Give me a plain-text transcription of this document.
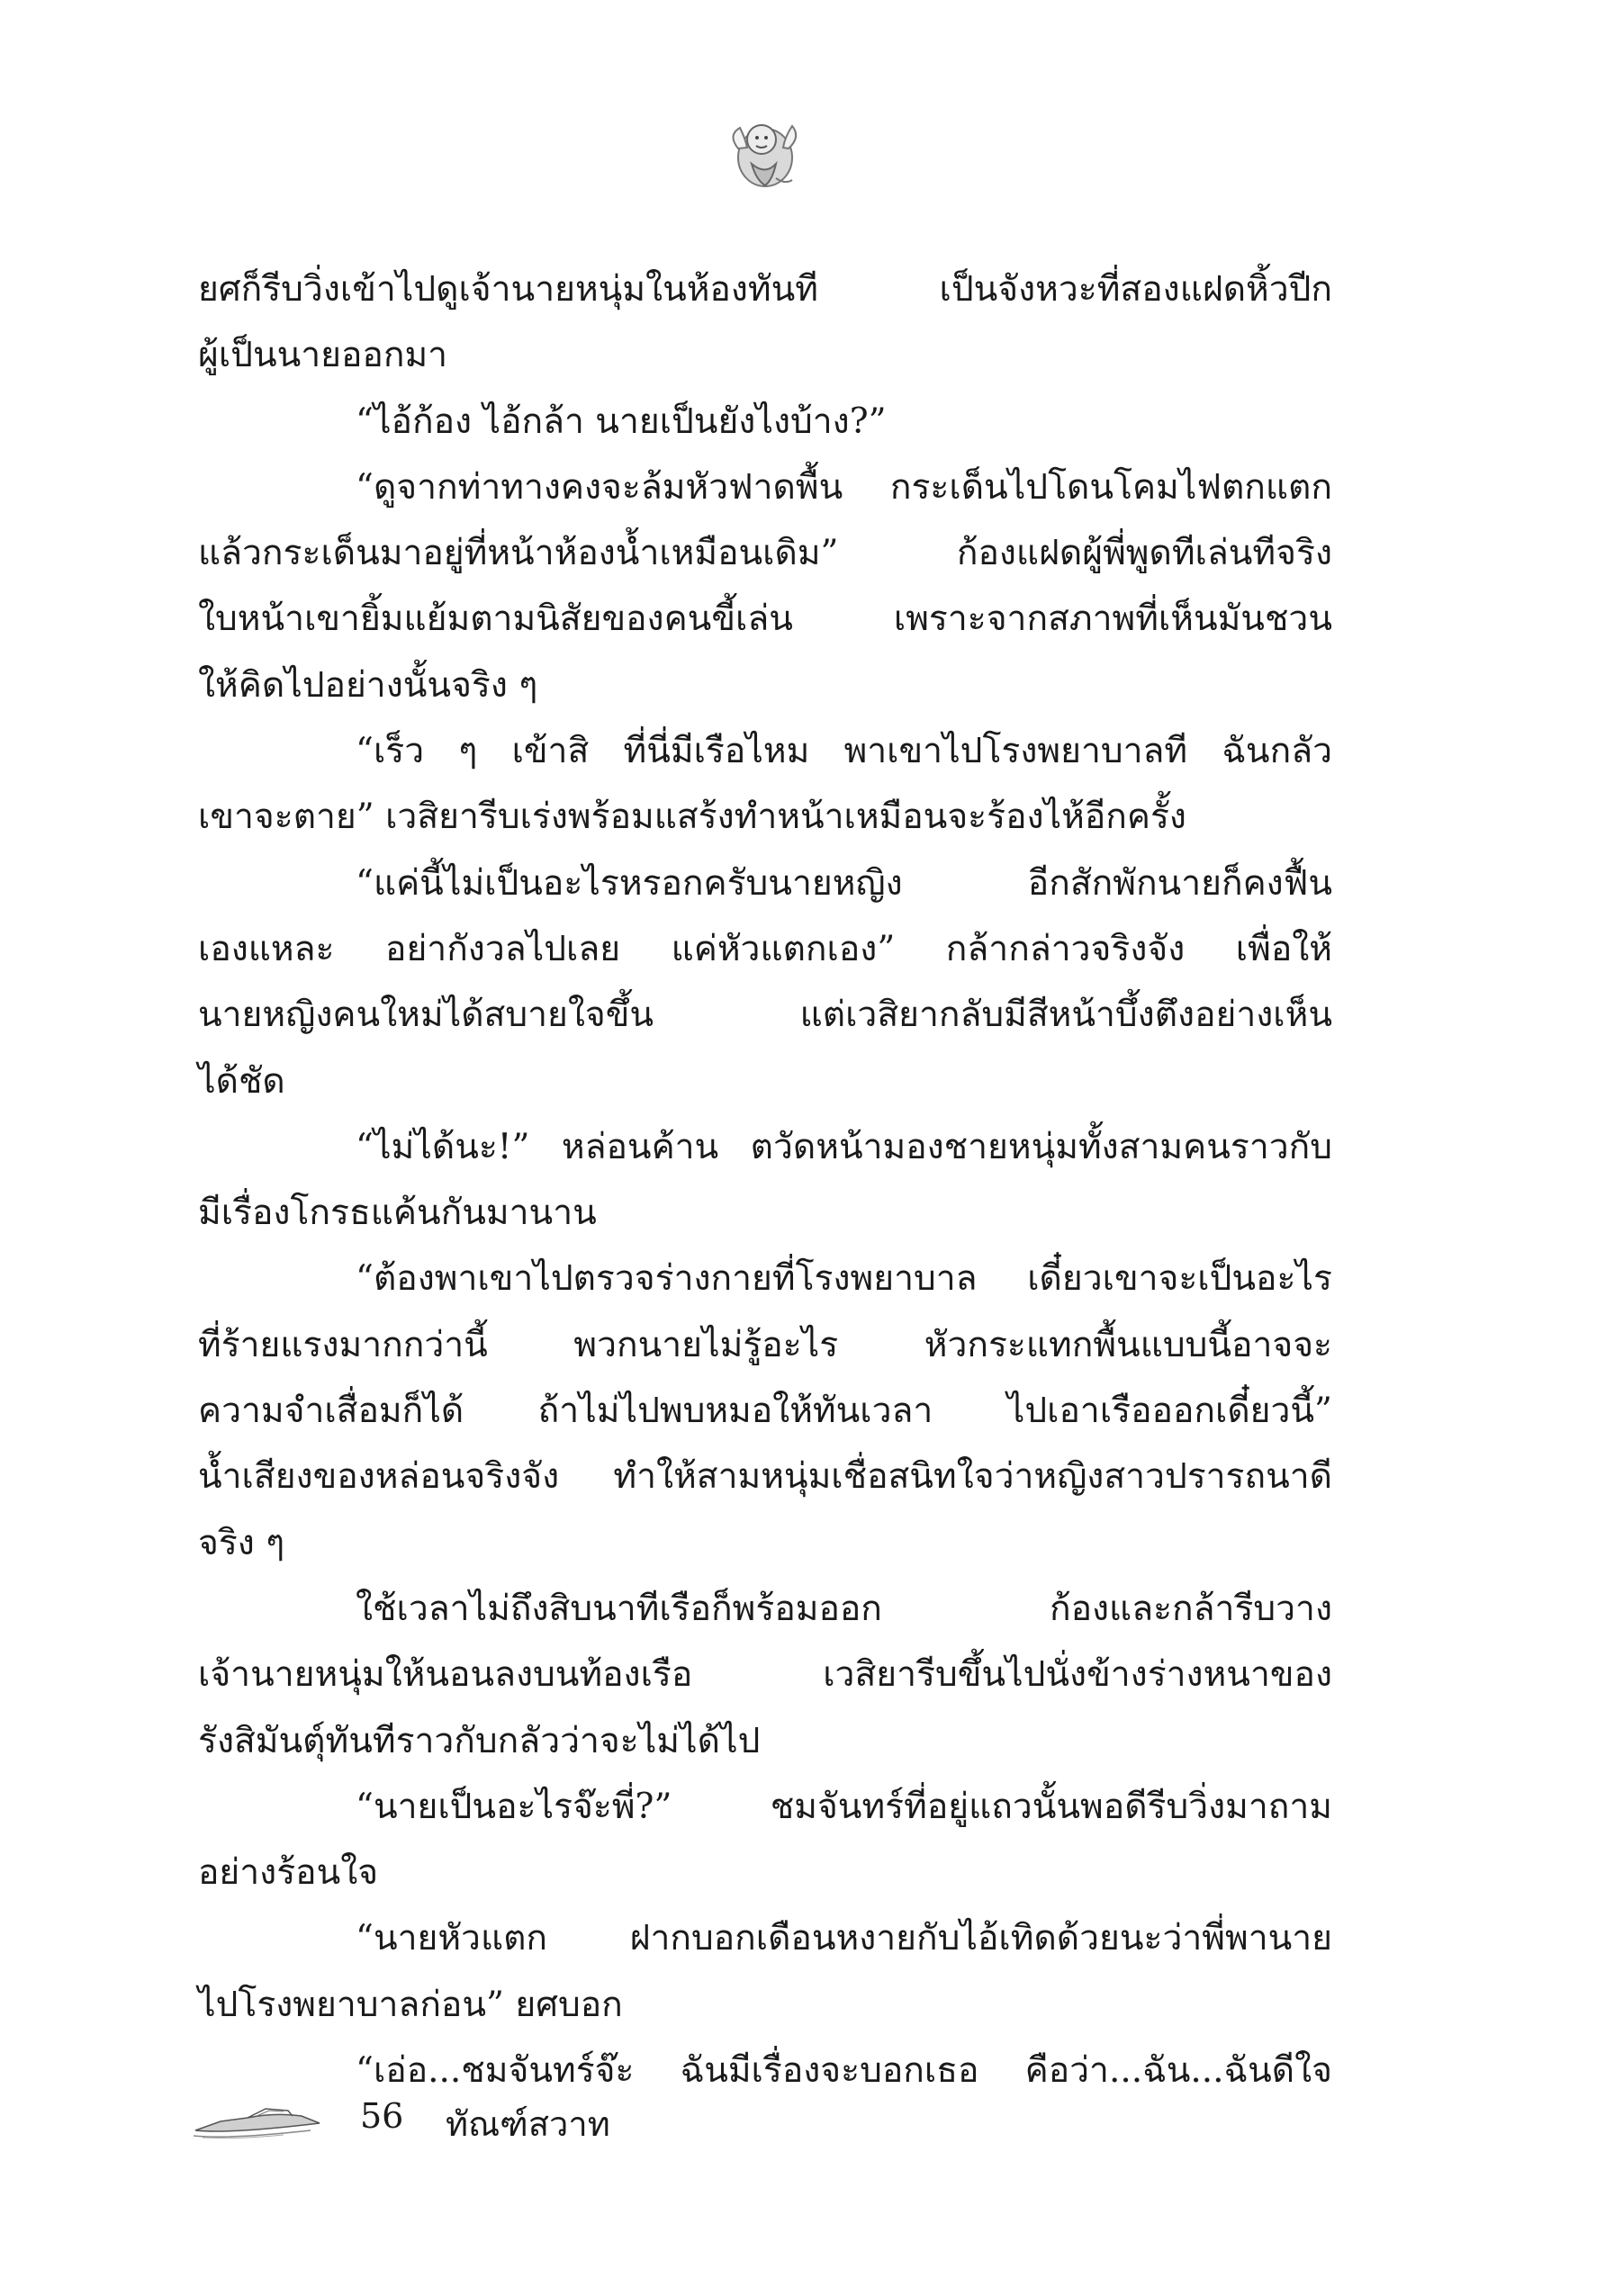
ยศก็รีบวิ่งเข้าไปดูเจ้านายหนุ่มในห้องทันที เป็นจังหวะที่สองแฝดหิ้วปีก
ผู้เป็นนายออกมา
“ไอ้ก้อง ไอ้กล้า นายเป็นยังไงบ้าง?”
“ดูจากท่าทางคงจะล้มหัวฟาดพื้น กระเด็นไปโดนโคมไฟตกแตก
แล้วกระเด็นมาอยู่ที่หน้าห้องน้ำเหมือนเดิม” ก้องแฝดผู้พี่พูดทีเล่นทีจริง
ใบหน้าเขายิ้มแย้มตามนิสัยของคนขี้เล่น เพราะจากสภาพที่เห็นมันชวน
ให้คิดไปอย่างนั้นจริง ๆ
“เร็ว ๆ เข้าสิ ที่นี่มีเรือไหม พาเขาไปโรงพยาบาลที ฉันกลัว
เขาจะตาย” เวสิยารีบเร่งพร้อมแสร้งทำหน้าเหมือนจะร้องไห้อีกครั้ง
“แค่นี้ไม่เป็นอะไรหรอกครับนายหญิง อีกสักพักนายก็คงฟื้น
เองแหละ อย่ากังวลไปเลย แค่หัวแตกเอง” กล้ากล่าวจริงจัง เพื่อให้
นายหญิงคนใหม่ได้สบายใจขึ้น แต่เวสิยากลับมีสีหน้าบึ้งตึงอย่างเห็น
ได้ชัด
“ไม่ได้นะ!” หล่อนค้าน ตวัดหน้ามองชายหนุ่มทั้งสามคนราวกับ
มีเรื่องโกรธแค้นกันมานาน
“ต้องพาเขาไปตรวจร่างกายที่โรงพยาบาล เดี๋ยวเขาจะเป็นอะไร
ที่ร้ายแรงมากกว่านี้ พวกนายไม่รู้อะไร หัวกระแทกพื้นแบบนี้อาจจะ
ความจำเสื่อมก็ได้ ถ้าไม่ไปพบหมอให้ทันเวลา ไปเอาเรือออกเดี๋ยวนี้”
น้ำเสียงของหล่อนจริงจัง ทำให้สามหนุ่มเชื่อสนิทใจว่าหญิงสาวปรารถนาดี
จริง ๆ
ใช้เวลาไม่ถึงสิบนาทีเรือก็พร้อมออก ก้องและกล้ารีบวาง
เจ้านายหนุ่มให้นอนลงบนท้องเรือ เวสิยารีบขึ้นไปนั่งข้างร่างหนาของ
รังสิมันตุ์ทันทีราวกับกลัวว่าจะไม่ได้ไป
“นายเป็นอะไรจ๊ะพี่?” ชมจันทร์ที่อยู่แถวนั้นพอดีรีบวิ่งมาถาม
อย่างร้อนใจ
“นายหัวแตก ฝากบอกเดือนหงายกับไอ้เทิดด้วยนะว่าพี่พานาย
ไปโรงพยาบาลก่อน” ยศบอก
“เอ่อ...ชมจันทร์จ๊ะ ฉันมีเรื่องจะบอกเธอ คือว่า...ฉัน...ฉันดีใจ
56 ทัณฑ์สวาท
